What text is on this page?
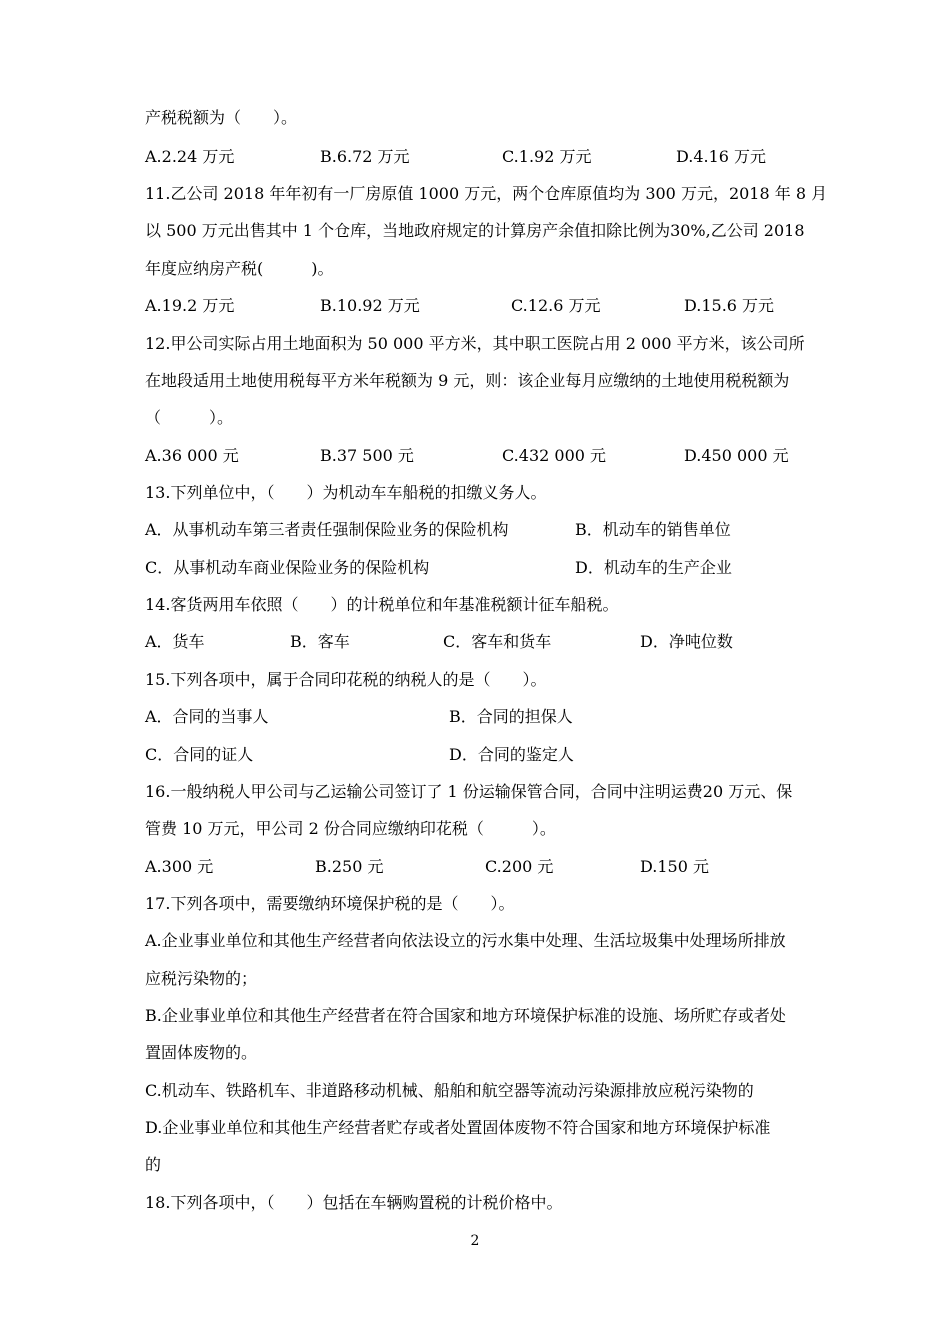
产税税额为（　　）。
A.2.24 万元	B.6.72 万元	C.1.92 万元	D.4.16 万元
11.乙公司 2018 年年初有一厂房原值 1000 万元，两个仓库原值均为 300 万元，2018 年 8 月
以 500 万元出售其中 1 个仓库，当地政府规定的计算房产余值扣除比例为30%,乙公司 2018
年度应纳房产税(　　　)。
A.19.2 万元	B.10.92 万元	C.12.6 万元	D.15.6 万元
12.甲公司实际占用土地面积为 50 000 平方米，其中职工医院占用 2 000 平方米，该公司所
在地段适用土地使用税每平方米年税额为 9 元，则：该企业每月应缴纳的土地使用税税额为
（　　　）。
A.36 000 元	B.37 500 元	C.432 000 元	D.450 000 元
13.下列单位中，（　　）为机动车车船税的扣缴义务人。
A．从事机动车第三者责任强制保险业务的保险机构	B．机动车的销售单位
C．从事机动车商业保险业务的保险机构	D．机动车的生产企业
14.客货两用车依照（　　）的计税单位和年基准税额计征车船税。
A．货车	B．客车	C．客车和货车	D．净吨位数
15.下列各项中，属于合同印花税的纳税人的是（　　）。
A．合同的当事人	B．合同的担保人
C．合同的证人	D．合同的鉴定人
16.一般纳税人甲公司与乙运输公司签订了 1 份运输保管合同，合同中注明运费20 万元、保
管费 10 万元，甲公司 2 份合同应缴纳印花税（　　　）。
A.300 元	B.250 元	C.200 元	D.150 元
17.下列各项中，需要缴纳环境保护税的是（　　）。
A.企业事业单位和其他生产经营者向依法设立的污水集中处理、生活垃圾集中处理场所排放
应税污染物的；
B.企业事业单位和其他生产经营者在符合国家和地方环境保护标准的设施、场所贮存或者处
置固体废物的。
C.机动车、铁路机车、非道路移动机械、船舶和航空器等流动污染源排放应税污染物的
D.企业事业单位和其他生产经营者贮存或者处置固体废物不符合国家和地方环境保护标准
的
18.下列各项中，（　　）包括在车辆购置税的计税价格中。
2
